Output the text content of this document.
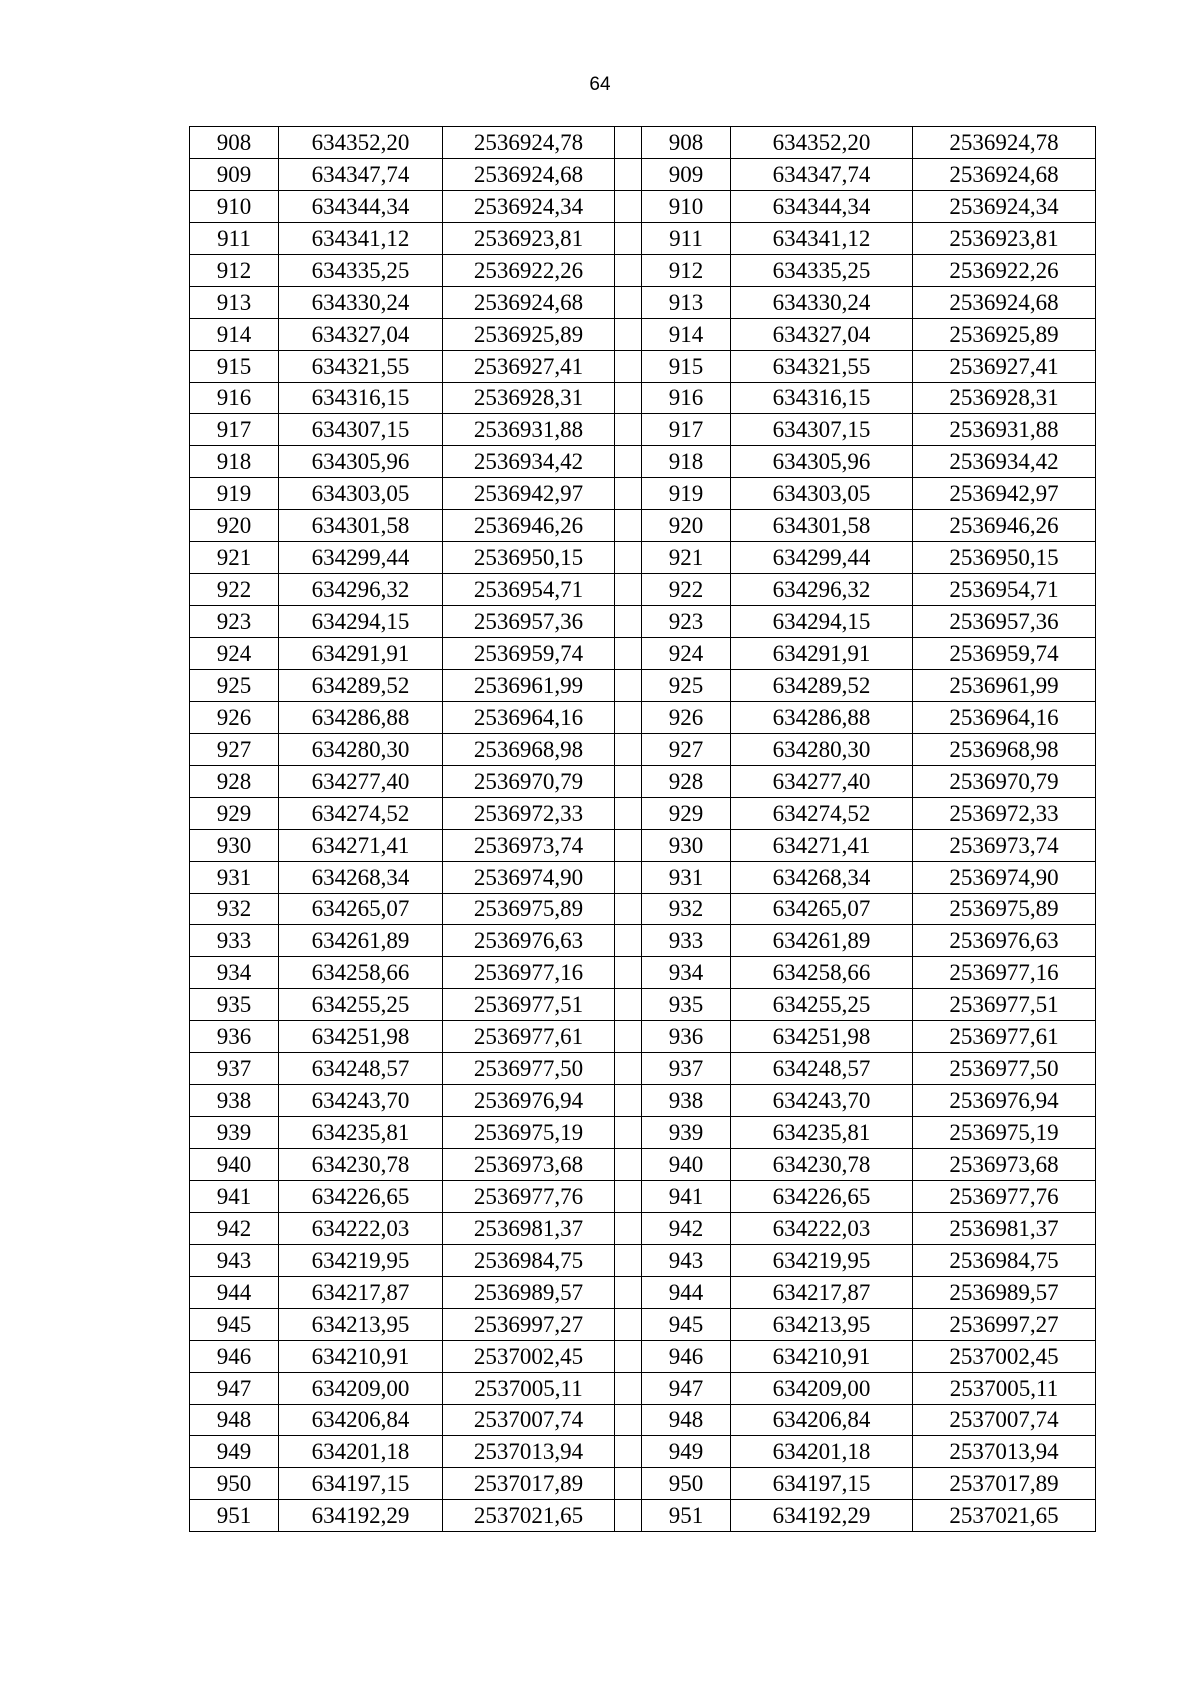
64
908	634352,20	2536924,78		908	634352,20	2536924,78
909	634347,74	2536924,68		909	634347,74	2536924,68
910	634344,34	2536924,34		910	634344,34	2536924,34
911	634341,12	2536923,81		911	634341,12	2536923,81
912	634335,25	2536922,26		912	634335,25	2536922,26
913	634330,24	2536924,68		913	634330,24	2536924,68
914	634327,04	2536925,89		914	634327,04	2536925,89
915	634321,55	2536927,41		915	634321,55	2536927,41
916	634316,15	2536928,31		916	634316,15	2536928,31
917	634307,15	2536931,88		917	634307,15	2536931,88
918	634305,96	2536934,42		918	634305,96	2536934,42
919	634303,05	2536942,97		919	634303,05	2536942,97
920	634301,58	2536946,26		920	634301,58	2536946,26
921	634299,44	2536950,15		921	634299,44	2536950,15
922	634296,32	2536954,71		922	634296,32	2536954,71
923	634294,15	2536957,36		923	634294,15	2536957,36
924	634291,91	2536959,74		924	634291,91	2536959,74
925	634289,52	2536961,99		925	634289,52	2536961,99
926	634286,88	2536964,16		926	634286,88	2536964,16
927	634280,30	2536968,98		927	634280,30	2536968,98
928	634277,40	2536970,79		928	634277,40	2536970,79
929	634274,52	2536972,33		929	634274,52	2536972,33
930	634271,41	2536973,74		930	634271,41	2536973,74
931	634268,34	2536974,90		931	634268,34	2536974,90
932	634265,07	2536975,89		932	634265,07	2536975,89
933	634261,89	2536976,63		933	634261,89	2536976,63
934	634258,66	2536977,16		934	634258,66	2536977,16
935	634255,25	2536977,51		935	634255,25	2536977,51
936	634251,98	2536977,61		936	634251,98	2536977,61
937	634248,57	2536977,50		937	634248,57	2536977,50
938	634243,70	2536976,94		938	634243,70	2536976,94
939	634235,81	2536975,19		939	634235,81	2536975,19
940	634230,78	2536973,68		940	634230,78	2536973,68
941	634226,65	2536977,76		941	634226,65	2536977,76
942	634222,03	2536981,37		942	634222,03	2536981,37
943	634219,95	2536984,75		943	634219,95	2536984,75
944	634217,87	2536989,57		944	634217,87	2536989,57
945	634213,95	2536997,27		945	634213,95	2536997,27
946	634210,91	2537002,45		946	634210,91	2537002,45
947	634209,00	2537005,11		947	634209,00	2537005,11
948	634206,84	2537007,74		948	634206,84	2537007,74
949	634201,18	2537013,94		949	634201,18	2537013,94
950	634197,15	2537017,89		950	634197,15	2537017,89
951	634192,29	2537021,65		951	634192,29	2537021,65
